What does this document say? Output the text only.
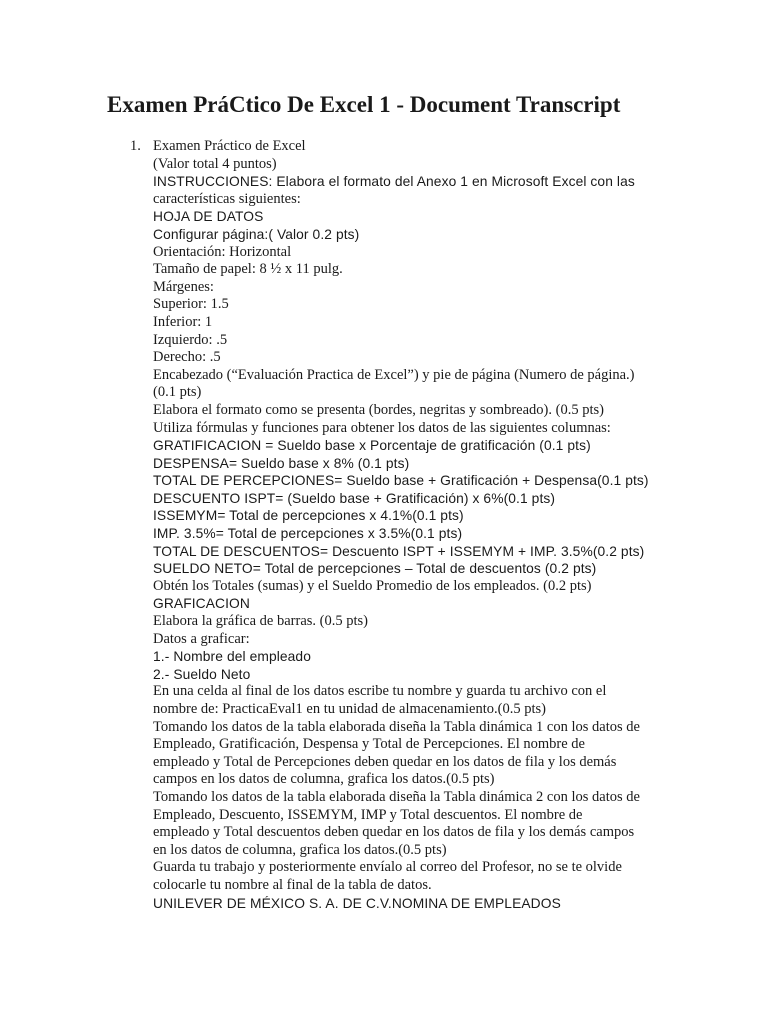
Examen PráCtico De Excel 1 - Document Transcript
1. Examen Práctico de Excel
(Valor total 4 puntos)
INSTRUCCIONES: Elabora el formato del Anexo 1 en Microsoft Excel con las
características siguientes:
HOJA DE DATOS
Configurar página:( Valor 0.2 pts)
Orientación: Horizontal
Tamaño de papel: 8 ½ x 11 pulg.
Márgenes:
Superior: 1.5
Inferior: 1
Izquierdo: .5
Derecho: .5
Encabezado (“Evaluación Practica de Excel”) y pie de página (Numero de página.)
(0.1 pts)
Elabora el formato como se presenta (bordes, negritas y sombreado). (0.5 pts)
Utiliza fórmulas y funciones para obtener los datos de las siguientes columnas:
GRATIFICACION = Sueldo base x Porcentaje de gratificación (0.1 pts)
DESPENSA= Sueldo base x 8% (0.1 pts)
TOTAL DE PERCEPCIONES= Sueldo base + Gratificación + Despensa(0.1 pts)
DESCUENTO ISPT= (Sueldo base + Gratificación) x 6%(0.1 pts)
ISSEMYM= Total de percepciones x 4.1%(0.1 pts)
IMP. 3.5%= Total de percepciones x 3.5%(0.1 pts)
TOTAL DE DESCUENTOS= Descuento ISPT + ISSEMYM + IMP. 3.5%(0.2 pts)
SUELDO NETO= Total de percepciones – Total de descuentos (0.2 pts)
Obtén los Totales (sumas) y el Sueldo Promedio de los empleados. (0.2 pts)
GRAFICACION
Elabora la gráfica de barras. (0.5 pts)
Datos a graficar:
1.- Nombre del empleado
2.- Sueldo Neto
En una celda al final de los datos escribe tu nombre y guarda tu archivo con el
nombre de: PracticaEval1 en tu unidad de almacenamiento.(0.5 pts)
Tomando los datos de la tabla elaborada diseña la Tabla dinámica 1 con los datos de
Empleado, Gratificación, Despensa y Total de Percepciones. El nombre de
empleado y Total de Percepciones deben quedar en los datos de fila y los demás
campos en los datos de columna, grafica los datos.(0.5 pts)
Tomando los datos de la tabla elaborada diseña la Tabla dinámica 2 con los datos de
Empleado, Descuento, ISSEMYM, IMP y Total descuentos. El nombre de
empleado y Total descuentos deben quedar en los datos de fila y los demás campos
en los datos de columna, grafica los datos.(0.5 pts)
Guarda tu trabajo y posteriormente envíalo al correo del Profesor, no se te olvide
colocarle tu nombre al final de la tabla de datos.
UNILEVER DE MÉXICO S. A. DE C.V.NOMINA DE EMPLEADOS
